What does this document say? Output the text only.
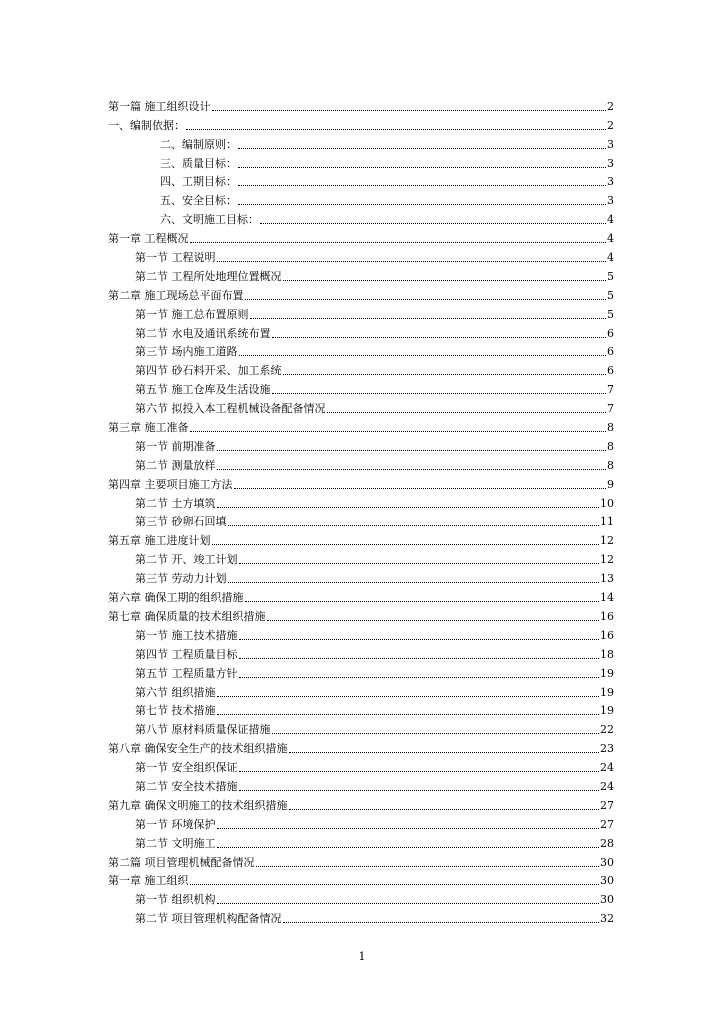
第一篇 施工组织设计	2
一、编制依据：	2
二、编制原则：	3
三、质量目标：	3
四、工期目标：	3
五、安全目标：	3
六、文明施工目标：	4
第一章 工程概况	4
第一节 工程说明	4
第二节 工程所处地理位置概况	5
第二章 施工现场总平面布置	5
第一节 施工总布置原则	5
第二节 水电及通讯系统布置	6
第三节 场内施工道路	6
第四节 砂石料开采、加工系统	6
第五节 施工仓库及生活设施	7
第六节 拟投入本工程机械设备配备情况	7
第三章 施工准备	8
第一节 前期准备	8
第二节 测量放样	8
第四章 主要项目施工方法	9
第二节 土方填筑	10
第三节 砂卵石回填	11
第五章 施工进度计划	12
第二节 开、竣工计划	12
第三节 劳动力计划	13
第六章 确保工期的组织措施	14
第七章 确保质量的技术组织措施	16
第一节 施工技术措施	16
第四节 工程质量目标	18
第五节 工程质量方针	19
第六节 组织措施	19
第七节 技术措施	19
第八节 原材料质量保证措施	22
第八章 确保安全生产的技术组织措施	23
第一节 安全组织保证	24
第二节 安全技术措施	24
第九章 确保文明施工的技术组织措施	27
第一节 环境保护	27
第二节 文明施工	28
第二篇 项目管理机械配备情况	30
第一章 施工组织	30
第一节 组织机构	30
第二节 项目管理机构配备情况	32
1
